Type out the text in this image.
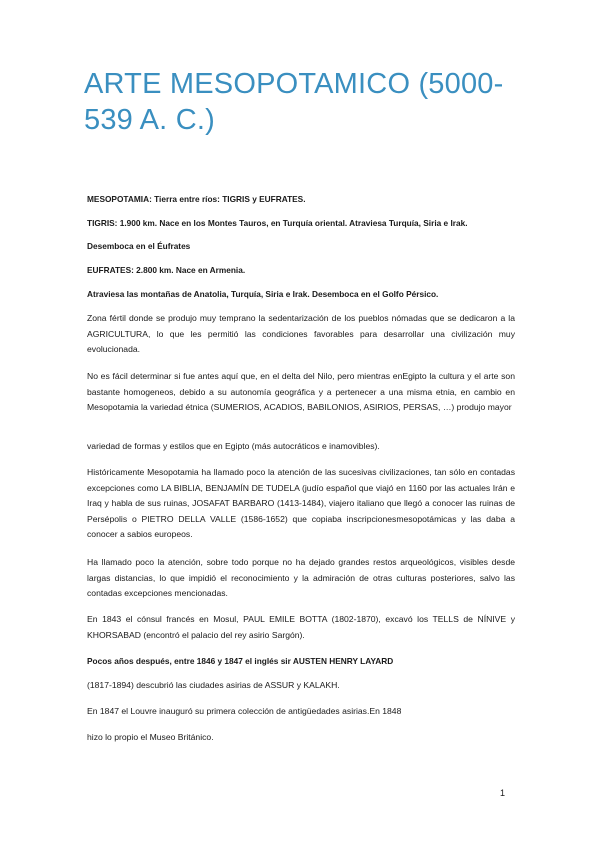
ARTE MESOPOTAMICO (5000-539 A. C.)

MESOPOTAMIA: Tierra entre ríos: TIGRIS y EUFRATES.

TIGRIS: 1.900 km. Nace en los Montes Tauros, en Turquía oriental. Atraviesa Turquía, Siria e Irak.

Desemboca en el Éufrates

EUFRATES: 2.800 km. Nace en Armenia.

Atraviesa las montañas de Anatolia, Turquía, Siria e Irak. Desemboca en el Golfo Pérsico.

Zona fértil donde se produjo muy temprano la sedentarización de los pueblos nómadas que se dedicaron a la AGRICULTURA, lo que les permitió las condiciones favorables para desarrollar una civilización muy evolucionada.

No es fácil determinar si fue antes aquí que, en el delta del Nilo, pero mientras enEgipto la cultura y el arte son bastante homogeneos, debido a su autonomía geográfica y a pertenecer a una misma etnia, en cambio en Mesopotamia la variedad étnica (SUMERIOS, ACADIOS, BABILONIOS, ASIRIOS, PERSAS, …) produjo mayor

variedad de formas y estilos que en Egipto (más autocráticos e inamovibles).

Históricamente Mesopotamia ha llamado poco la atención de las sucesivas civilizaciones, tan sólo en contadas excepciones como LA BIBLIA, BENJAMÍN DE TUDELA (judío español que viajó en 1160 por las actuales Irán e Iraq y habla de sus ruinas, JOSAFAT BARBARO (1413-1484), viajero italiano que llegó a conocer las ruinas de Persépolis o PIETRO DELLA VALLE (1586-1652) que copiaba inscripcionesmesopotámicas y las daba a conocer a sabios europeos.

Ha llamado poco la atención, sobre todo porque no ha dejado grandes restos arqueológicos, visibles desde largas distancias, lo que impidió el reconocimiento y la admiración de otras culturas posteriores, salvo las contadas excepciones mencionadas.

En 1843 el cónsul francés en Mosul, PAUL EMILE BOTTA (1802-1870), excavó los TELLS de NÍNIVE y KHORSABAD (encontró el palacio del rey asirio Sargón).

Pocos años después, entre 1846 y 1847 el inglés sir AUSTEN HENRY LAYARD

(1817-1894) descubrió las ciudades asirias de ASSUR y KALAKH.

En 1847 el Louvre inauguró su primera colección de antigüedades asirias.En 1848

hizo lo propio el Museo Británico.

1
